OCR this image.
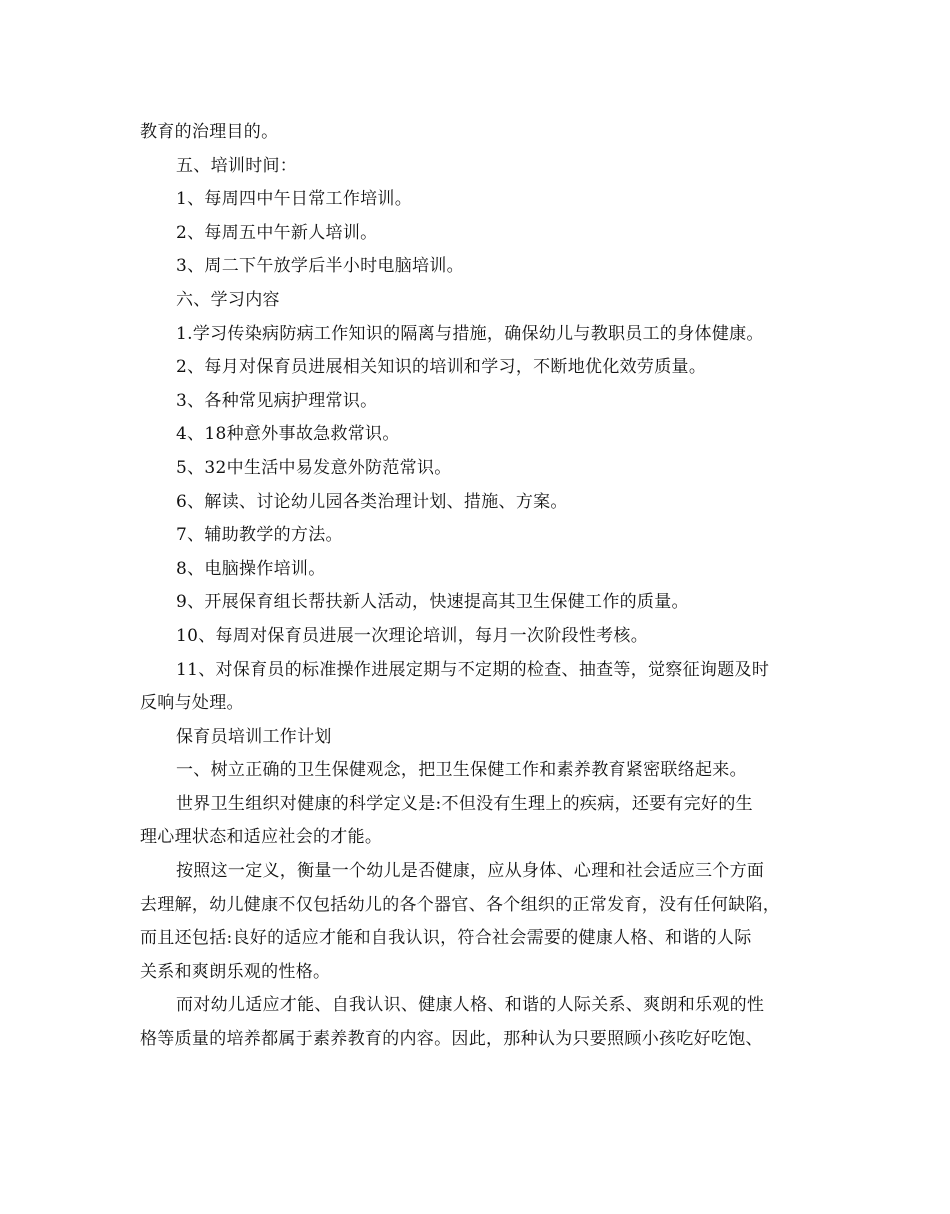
教育的治理目的。
五、培训时间：
1、每周四中午日常工作培训。
2、每周五中午新人培训。
3、周二下午放学后半小时电脑培训。
六、学习内容
1.学习传染病防病工作知识的隔离与措施，确保幼儿与教职员工的身体健康。
2、每月对保育员进展相关知识的培训和学习，不断地优化效劳质量。
3、各种常见病护理常识。
4、18种意外事故急救常识。
5、32中生活中易发意外防范常识。
6、解读、讨论幼儿园各类治理计划、措施、方案。
7、辅助教学的方法。
8、电脑操作培训。
9、开展保育组长帮扶新人活动，快速提高其卫生保健工作的质量。
10、每周对保育员进展一次理论培训，每月一次阶段性考核。
11、对保育员的标准操作进展定期与不定期的检查、抽查等，觉察征询题及时
反响与处理。
保育员培训工作计划
一、树立正确的卫生保健观念，把卫生保健工作和素养教育紧密联络起来。
世界卫生组织对健康的科学定义是:不但没有生理上的疾病，还要有完好的生
理心理状态和适应社会的才能。
按照这一定义，衡量一个幼儿是否健康，应从身体、心理和社会适应三个方面
去理解，幼儿健康不仅包括幼儿的各个器官、各个组织的正常发育，没有任何缺陷，
而且还包括:良好的适应才能和自我认识，符合社会需要的健康人格、和谐的人际
关系和爽朗乐观的性格。
而对幼儿适应才能、自我认识、健康人格、和谐的人际关系、爽朗和乐观的性
格等质量的培养都属于素养教育的内容。因此，那种认为只要照顾小孩吃好吃饱、
